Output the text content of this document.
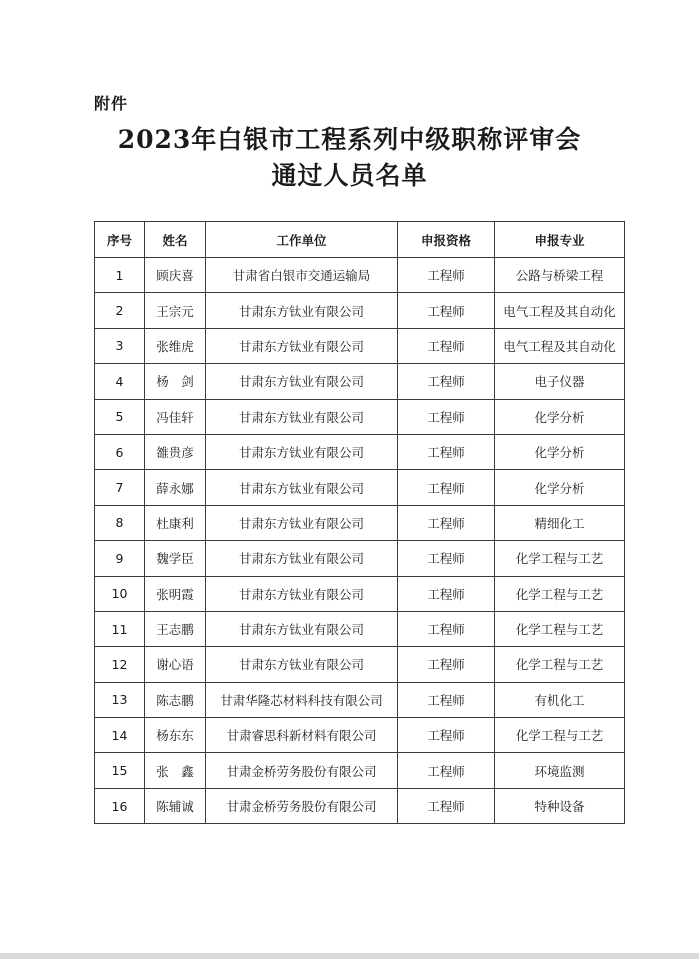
附件
2023年白银市工程系列中级职称评审会
通过人员名单
序号	姓名	工作单位	申报资格	申报专业
1	顾庆喜	甘肃省白银市交通运输局	工程师	公路与桥梁工程
2	王宗元	甘肃东方钛业有限公司	工程师	电气工程及其自动化
3	张维虎	甘肃东方钛业有限公司	工程师	电气工程及其自动化
4	杨　剑	甘肃东方钛业有限公司	工程师	电子仪器
5	冯佳轩	甘肃东方钛业有限公司	工程师	化学分析
6	雒贵彦	甘肃东方钛业有限公司	工程师	化学分析
7	薛永娜	甘肃东方钛业有限公司	工程师	化学分析
8	杜康利	甘肃东方钛业有限公司	工程师	精细化工
9	魏学臣	甘肃东方钛业有限公司	工程师	化学工程与工艺
10	张明霞	甘肃东方钛业有限公司	工程师	化学工程与工艺
11	王志鹏	甘肃东方钛业有限公司	工程师	化学工程与工艺
12	谢心语	甘肃东方钛业有限公司	工程师	化学工程与工艺
13	陈志鹏	甘肃华隆芯材料科技有限公司	工程师	有机化工
14	杨东东	甘肃睿思科新材料有限公司	工程师	化学工程与工艺
15	张　鑫	甘肃金桥劳务股份有限公司	工程师	环境监测
16	陈辅诚	甘肃金桥劳务股份有限公司	工程师	特种设备
